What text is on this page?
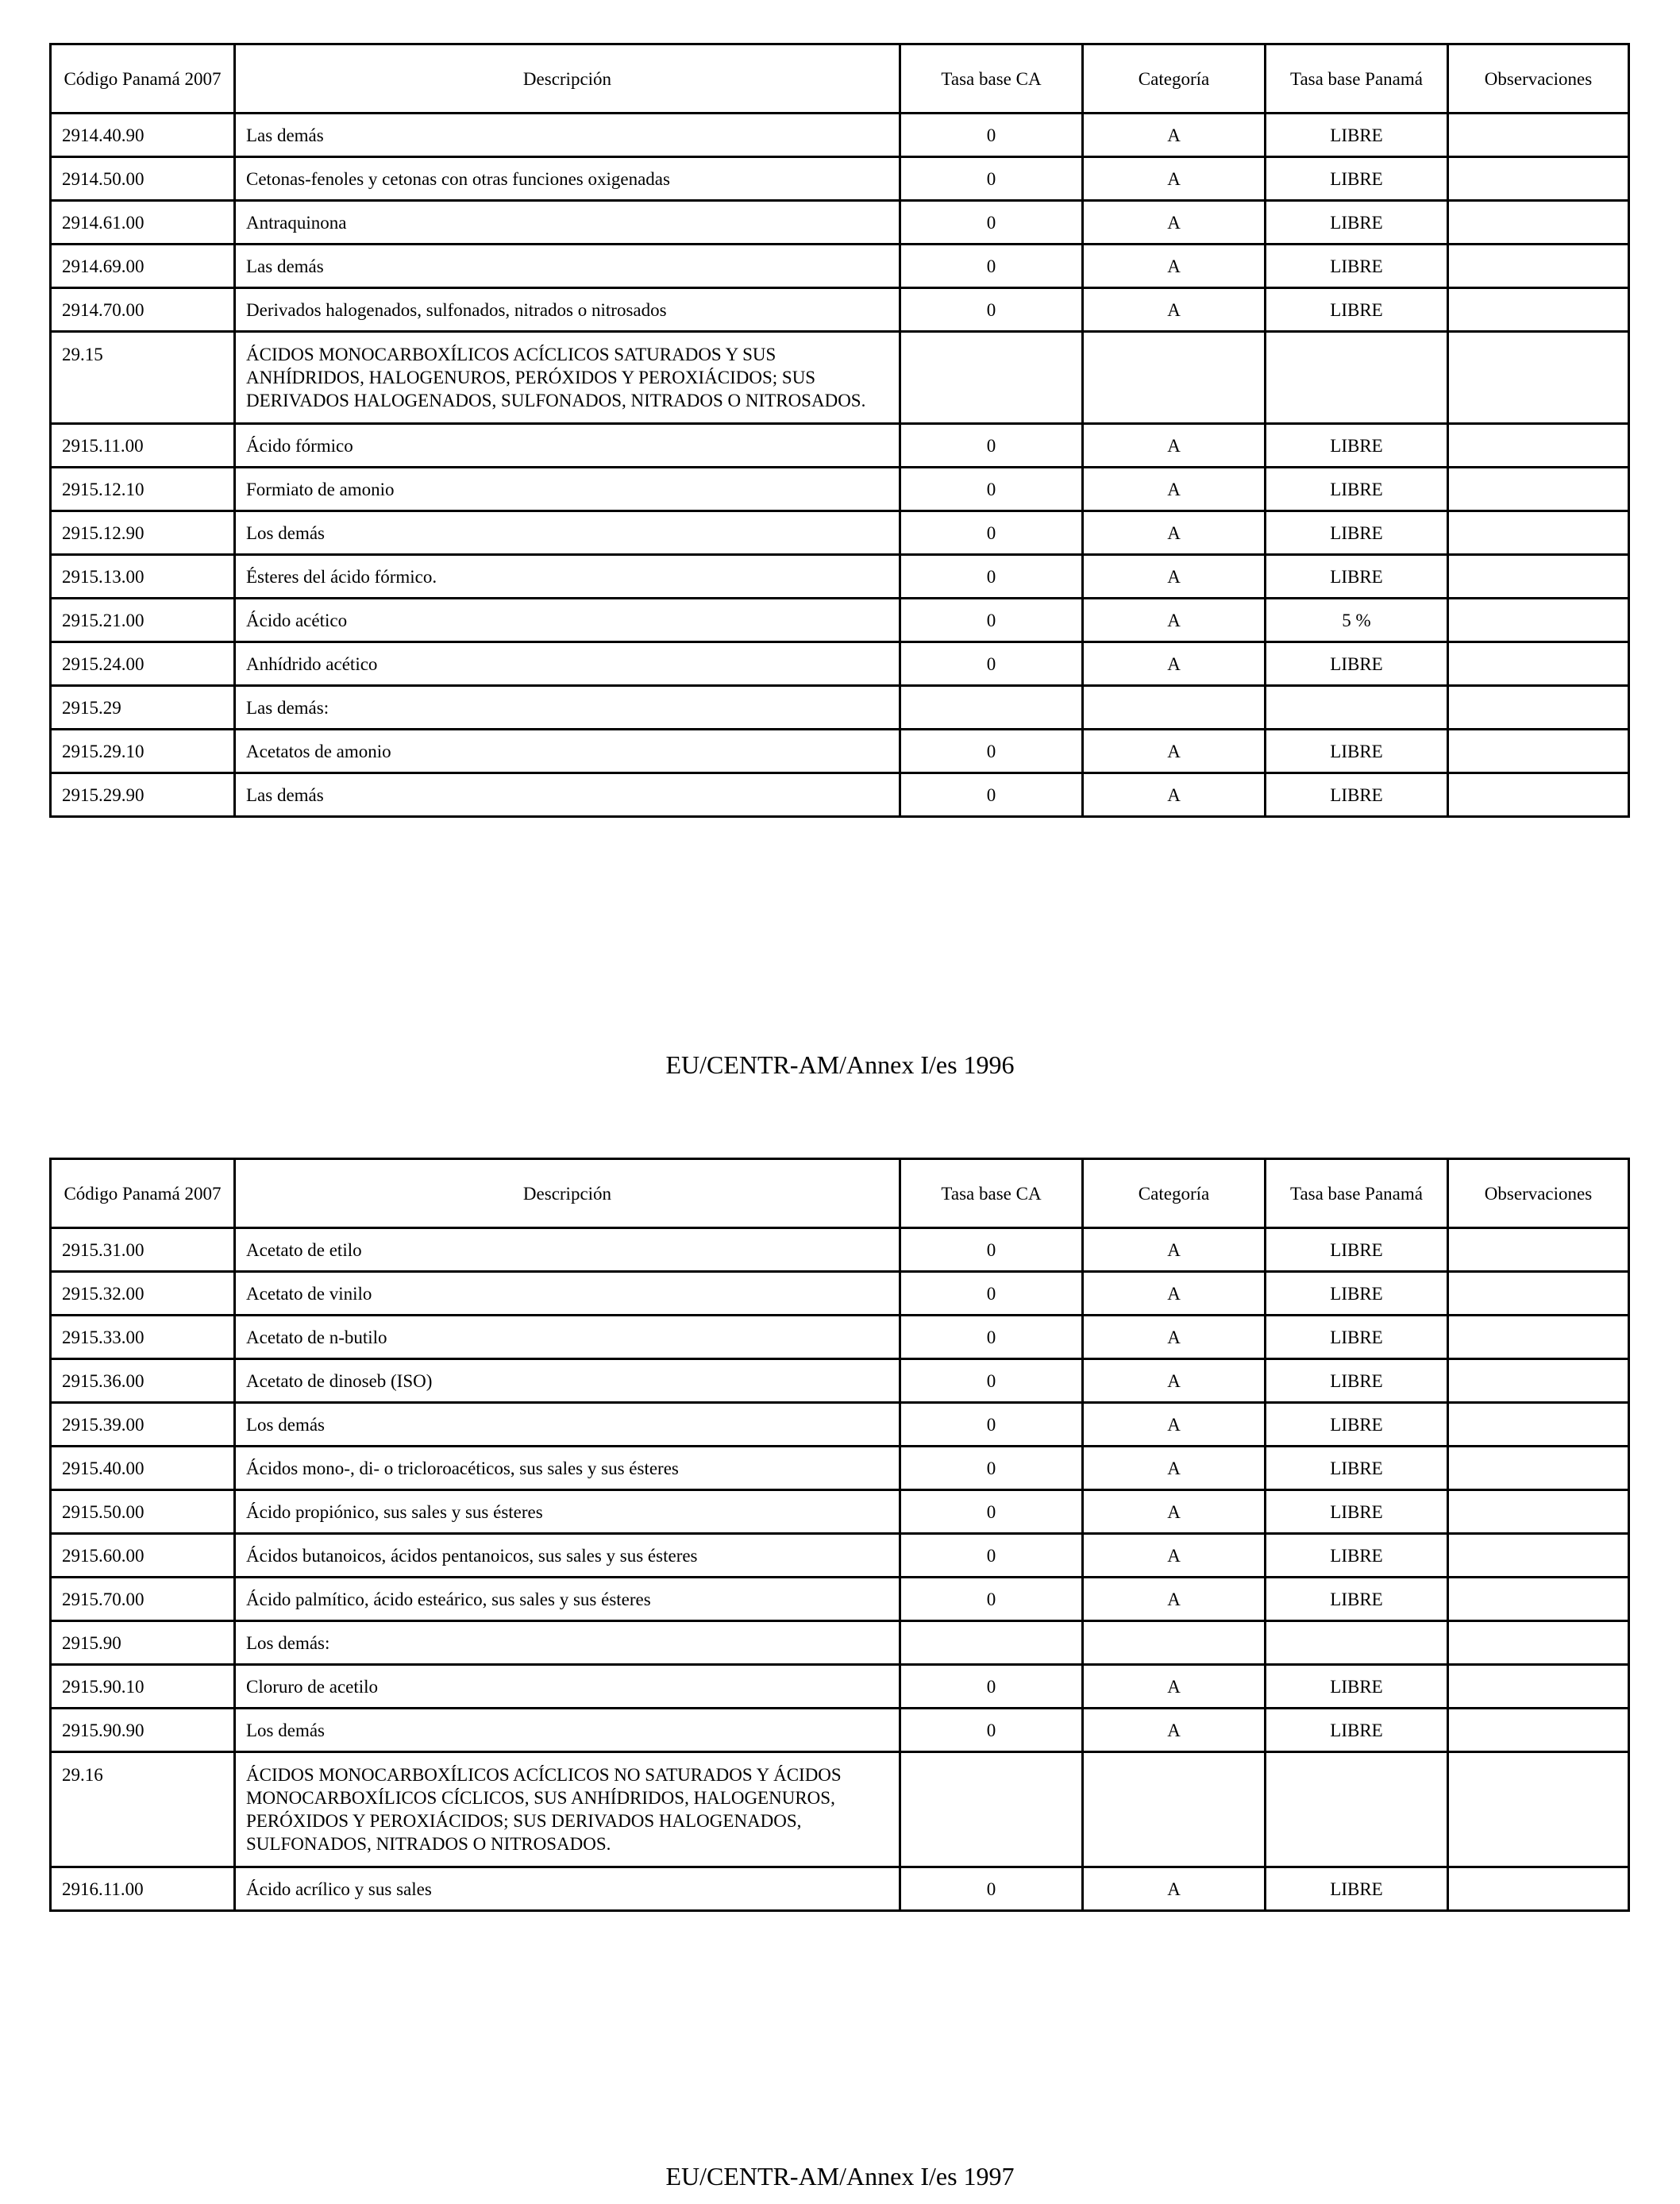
Código Panamá 2007	Descripción	Tasa base CA	Categoría	Tasa base Panamá	Observaciones
2914.40.90	Las demás	0	A	LIBRE	
2914.50.00	Cetonas-fenoles y cetonas con otras funciones oxigenadas	0	A	LIBRE	
2914.61.00	Antraquinona	0	A	LIBRE	
2914.69.00	Las demás	0	A	LIBRE	
2914.70.00	Derivados halogenados, sulfonados, nitrados o nitrosados	0	A	LIBRE	
29.15	ÁCIDOS MONOCARBOXÍLICOS ACÍCLICOS SATURADOS Y SUS ANHÍDRIDOS, HALOGENUROS, PERÓXIDOS Y PEROXIÁCIDOS; SUS DERIVADOS HALOGENADOS, SULFONADOS, NITRADOS O NITROSADOS.				
2915.11.00	Ácido fórmico	0	A	LIBRE	
2915.12.10	Formiato de amonio	0	A	LIBRE	
2915.12.90	Los demás	0	A	LIBRE	
2915.13.00	Ésteres del ácido fórmico.	0	A	LIBRE	
2915.21.00	Ácido acético	0	A	5 %	
2915.24.00	Anhídrido acético	0	A	LIBRE	
2915.29	Las demás:				
2915.29.10	Acetatos de amonio	0	A	LIBRE	
2915.29.90	Las demás	0	A	LIBRE	
EU/CENTR-AM/Annex I/es 1996
Código Panamá 2007	Descripción	Tasa base CA	Categoría	Tasa base Panamá	Observaciones
2915.31.00	Acetato de etilo	0	A	LIBRE	
2915.32.00	Acetato de vinilo	0	A	LIBRE	
2915.33.00	Acetato de n-butilo	0	A	LIBRE	
2915.36.00	Acetato de dinoseb (ISO)	0	A	LIBRE	
2915.39.00	Los demás	0	A	LIBRE	
2915.40.00	Ácidos mono-, di- o tricloroacéticos, sus sales y sus ésteres	0	A	LIBRE	
2915.50.00	Ácido propiónico, sus sales y sus ésteres	0	A	LIBRE	
2915.60.00	Ácidos butanoicos, ácidos pentanoicos, sus sales y sus ésteres	0	A	LIBRE	
2915.70.00	Ácido palmítico, ácido esteárico, sus sales y sus ésteres	0	A	LIBRE	
2915.90	Los demás:				
2915.90.10	Cloruro de acetilo	0	A	LIBRE	
2915.90.90	Los demás	0	A	LIBRE	
29.16	ÁCIDOS MONOCARBOXÍLICOS ACÍCLICOS NO SATURADOS Y ÁCIDOS MONOCARBOXÍLICOS CÍCLICOS, SUS ANHÍDRIDOS, HALOGENUROS, PERÓXIDOS Y PEROXIÁCIDOS; SUS DERIVADOS HALOGENADOS, SULFONADOS, NITRADOS O NITROSADOS.				
2916.11.00	Ácido acrílico y sus sales	0	A	LIBRE	
EU/CENTR-AM/Annex I/es 1997
